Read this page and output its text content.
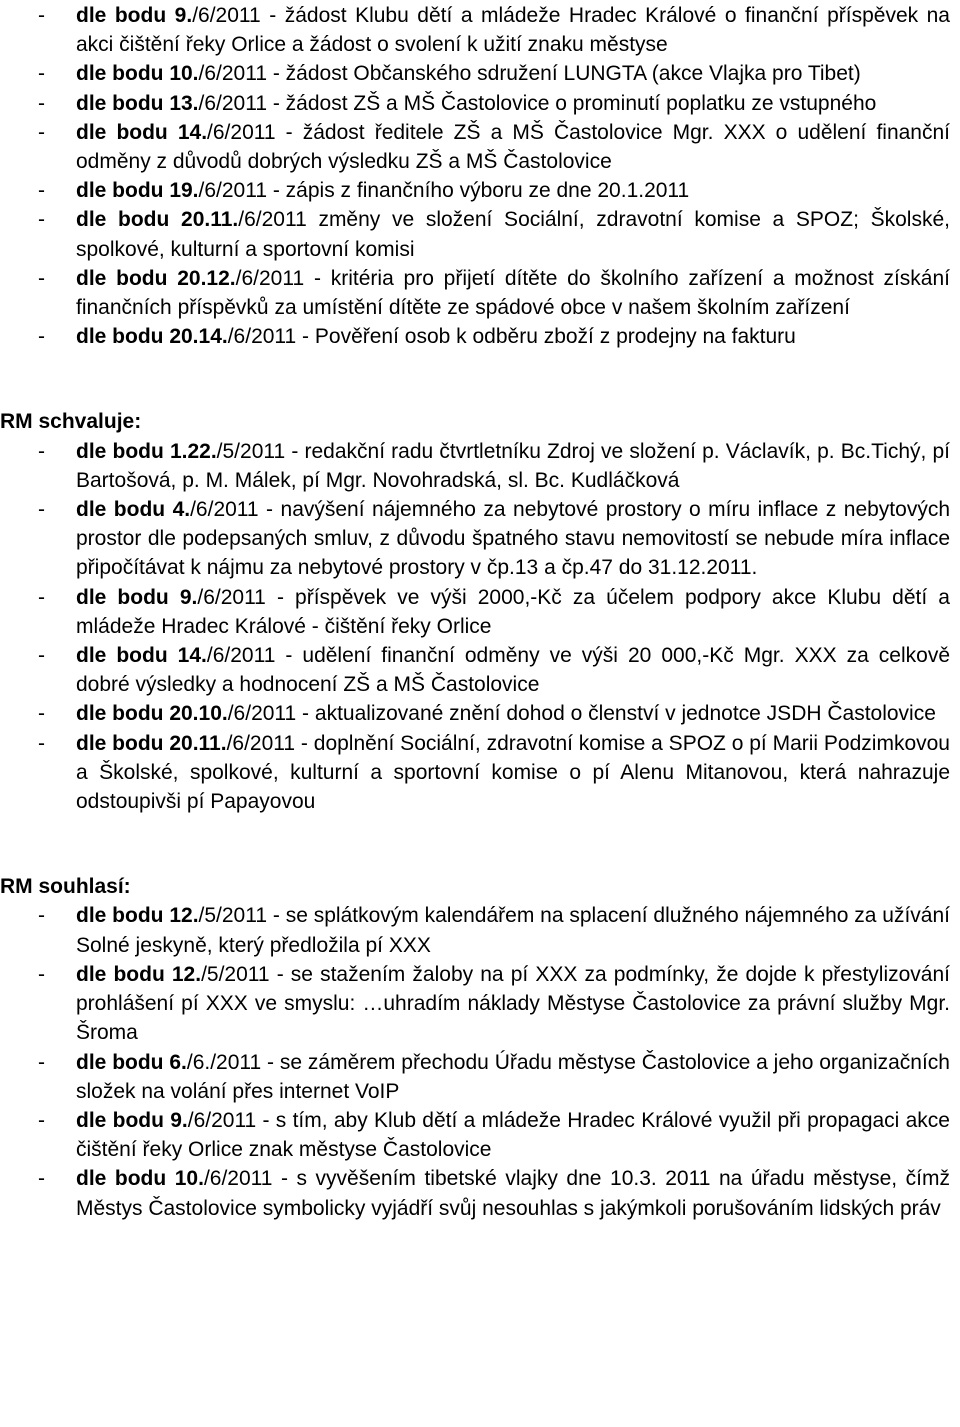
- dle bodu 9./6/2011 - žádost Klubu dětí a mládeže Hradec Králové o finanční příspěvek na akci čištění řeky Orlice a žádost o svolení k užití znaku městyse
- dle bodu 10./6/2011 - žádost Občanského sdružení LUNGTA (akce Vlajka pro Tibet)
- dle bodu 13./6/2011 - žádost ZŠ a MŠ Častolovice o prominutí poplatku ze vstupného
- dle bodu 14./6/2011 - žádost ředitele ZŠ a MŠ Častolovice Mgr. XXX o udělení finanční odměny z důvodů dobrých výsledku ZŠ a MŠ Častolovice
- dle bodu 19./6/2011 - zápis z finančního výboru ze dne 20.1.2011
- dle bodu 20.11./6/2011 změny ve složení Sociální, zdravotní komise a SPOZ; Školské, spolkové, kulturní a sportovní komisi
- dle bodu 20.12./6/2011 - kritéria pro přijetí dítěte do školního zařízení a možnost získání finančních příspěvků za umístění dítěte ze spádové obce v našem školním zařízení
- dle bodu 20.14./6/2011 - Pověření osob k odběru zboží z prodejny na fakturu
RM schvaluje:
- dle bodu 1.22./5/2011 - redakční radu čtvrtletníku Zdroj ve složení p. Václavík, p. Bc.Tichý, pí Bartošová, p. M. Málek, pí Mgr. Novohradská, sl. Bc. Kudláčková
- dle bodu 4./6/2011 - navýšení nájemného za nebytové prostory o míru inflace z nebytových prostor dle podepsaných smluv, z důvodu špatného stavu nemovitostí se nebude míra inflace připočítávat k nájmu za nebytové prostory v čp.13 a čp.47 do 31.12.2011.
- dle bodu 9./6/2011 - příspěvek ve výši 2000,-Kč za účelem podpory akce Klubu dětí a mládeže Hradec Králové - čištění řeky Orlice
- dle bodu 14./6/2011 - udělení finanční odměny ve výši 20 000,-Kč Mgr. XXX za celkově dobré výsledky a hodnocení ZŠ a MŠ Častolovice
- dle bodu 20.10./6/2011 - aktualizované znění dohod o členství v jednotce JSDH Častolovice
- dle bodu 20.11./6/2011 - doplnění Sociální, zdravotní komise a SPOZ o pí Marii Podzimkovou a Školské, spolkové, kulturní a sportovní komise o pí Alenu Mitanovou, která nahrazuje odstoupivši pí Papayovou
RM souhlasí:
- dle bodu 12./5/2011 - se splátkovým kalendářem na splacení dlužného nájemného za užívání Solné jeskyně, který předložila pí XXX
- dle bodu 12./5/2011 - se stažením žaloby na pí XXX za podmínky, že dojde k přestylizování prohlášení pí XXX ve smyslu: …uhradím náklady Městyse Častolovice za právní služby Mgr. Šroma
- dle bodu 6./6./2011 - se záměrem přechodu Úřadu městyse Častolovice a jeho organizačních složek na volání přes internet VoIP
- dle bodu 9./6/2011 - s tím, aby Klub dětí a mládeže Hradec Králové využil při propagaci akce čištění řeky Orlice znak městyse Častolovice
- dle bodu 10./6/2011 - s vyvěšením tibetské vlajky dne 10.3. 2011 na úřadu městyse, čímž Městys Častolovice symbolicky vyjádří svůj nesouhlas s jakýmkoli porušováním lidských práv
